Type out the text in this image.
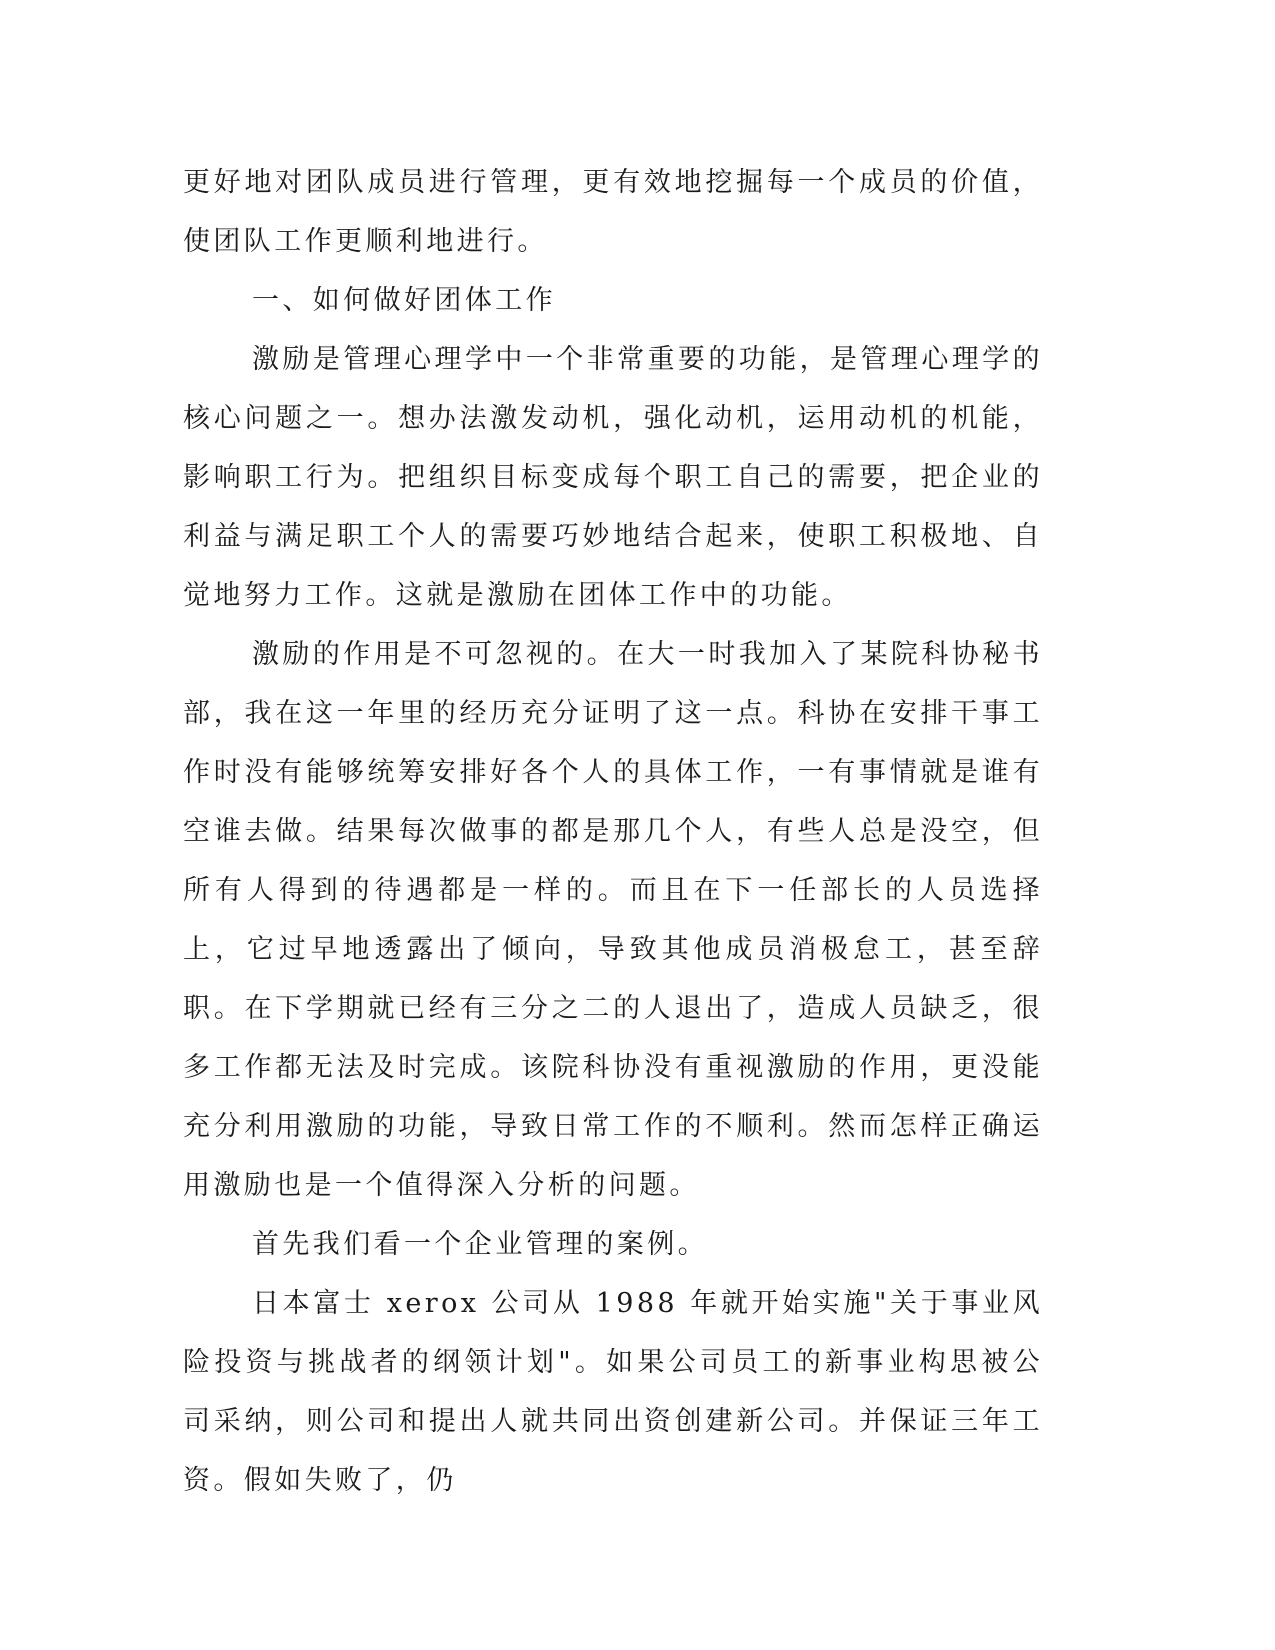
更好地对团队成员进行管理，更有效地挖掘每一个成员的价值，使团队工作更顺利地进行。

一、如何做好团体工作

激励是管理心理学中一个非常重要的功能，是管理心理学的核心问题之一。想办法激发动机，强化动机，运用动机的机能，影响职工行为。把组织目标变成每个职工自己的需要，把企业的利益与满足职工个人的需要巧妙地结合起来，使职工积极地、自觉地努力工作。这就是激励在团体工作中的功能。

激励的作用是不可忽视的。在大一时我加入了某院科协秘书部，我在这一年里的经历充分证明了这一点。科协在安排干事工作时没有能够统筹安排好各个人的具体工作，一有事情就是谁有空谁去做。结果每次做事的都是那几个人，有些人总是没空，但所有人得到的待遇都是一样的。而且在下一任部长的人员选择上，它过早地透露出了倾向，导致其他成员消极怠工，甚至辞职。在下学期就已经有三分之二的人退出了，造成人员缺乏，很多工作都无法及时完成。该院科协没有重视激励的作用，更没能充分利用激励的功能，导致日常工作的不顺利。然而怎样正确运用激励也是一个值得深入分析的问题。

首先我们看一个企业管理的案例。

日本富士 xerox 公司从 1988 年就开始实施"关于事业风险投资与挑战者的纲领计划"。如果公司员工的新事业构思被公司采纳，则公司和提出人就共同出资创建新公司。并保证三年工资。假如失败了，仍
